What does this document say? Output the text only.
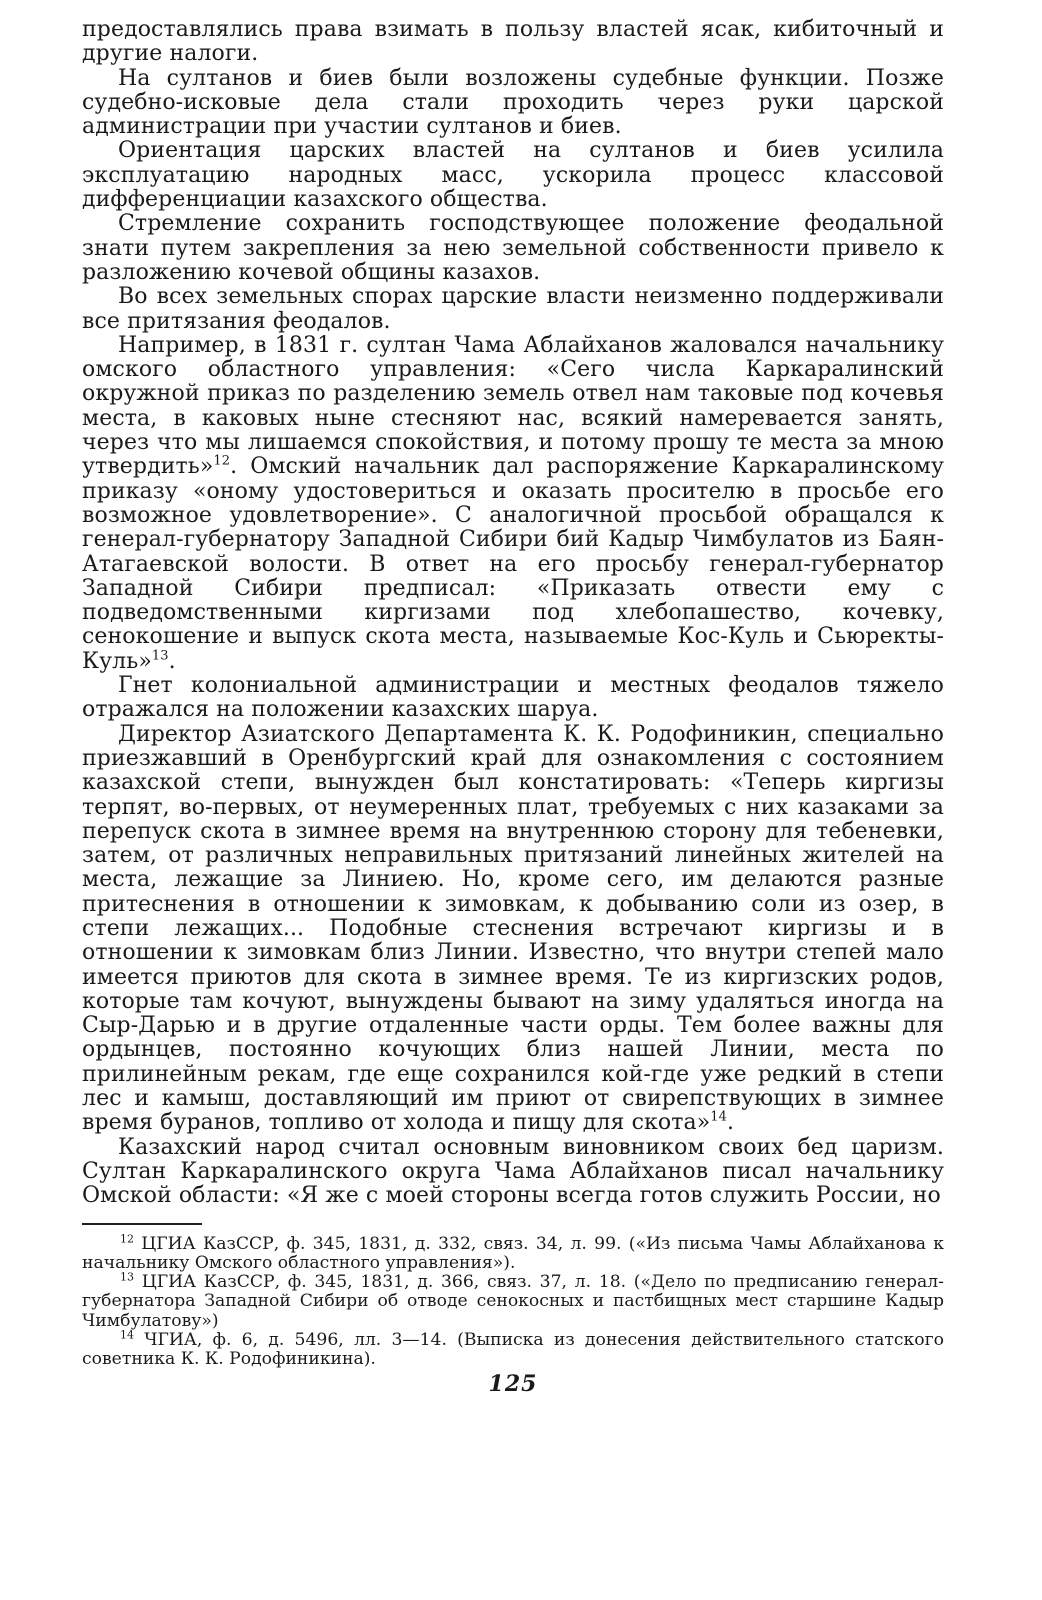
предоставлялись права взимать в пользу властей ясак, кибиточный и другие налоги.

На султанов и биев были возложены судебные функции. Позже судебно-исковые дела стали проходить через руки царской администрации при участии султанов и биев.

Ориентация царских властей на султанов и биев усилила эксплуатацию народных масс, ускорила процесс классовой дифференциации казахского общества.

Стремление сохранить господствующее положение феодальной знати путем закрепления за нею земельной собственности привело к разложению кочевой общины казахов.

Во всех земельных спорах царские власти неизменно поддерживали все притязания феодалов.

Например, в 1831 г. султан Чама Аблайханов жаловался начальнику омского областного управления: «Сего числа Каркаралинский окружной приказ по разделению земель отвел нам таковые под кочевья места, в каковых ныне стесняют нас, всякий намеревается занять, через что мы лишаемся спокойствия, и потому прошу те места за мною утвердить»$^{12}$. Омский начальник дал распоряжение Каркаралинскому приказу «оному удостовериться и оказать просителю в просьбе его возможное удовлетворение». С аналогичной просьбой обращался к генерал-губернатору Западной Сибири бий Кадыр Чимбулатов из Баян-Атагаевской волости. В ответ на его просьбу генерал-губернатор Западной Сибири предписал: «Приказать отвести ему с подведомственными киргизами под хлебопашество, кочевку, сенокошение и выпуск скота места, называемые Кос-Куль и Сьюректы-Куль»$^{13}$.

Гнет колониальной администрации и местных феодалов тяжело отражался на положении казахских шаруа.

Директор Азиатского Департамента К. К. Родофиникин, специально приезжавший в Оренбургский край для ознакомления с состоянием казахской степи, вынужден был констатировать: «Теперь киргизы терпят, во-первых, от неумеренных плат, требуемых с них казаками за перепуск скота в зимнее время на внутреннюю сторону для тебеневки, затем, от различных неправильных притязаний линейных жителей на места, лежащие за Линиею. Но, кроме сего, им делаются разные притеснения в отношении к зимовкам, к добыванию соли из озер, в степи лежащих... Подобные стеснения встречают киргизы и в отношении к зимовкам близ Линии. Известно, что внутри степей мало имеется приютов для скота в зимнее время. Те из киргизских родов, которые там кочуют, вынуждены бывают на зиму удаляться иногда на Сыр-Дарью и в другие отдаленные части орды. Тем более важны для ордынцев, постоянно кочующих близ нашей Линии, места по прилинейным рекам, где еще сохранился кой-где уже редкий в степи лес и камыш, доставляющий им приют от свирепствующих в зимнее время буранов, топливо от холода и пищу для скота»$^{14}$.

Казахский народ считал основным виновником своих бед царизм. Султан Каркаралинского округа Чама Аблайханов писал начальнику Омской области: «Я же с моей стороны всегда готов служить России, но

$^{12}$ ЦГИА КазССР, ф. 345, 1831, д. 332, связ. 34, л. 99. («Из письма Чамы Аблайханова к начальнику Омского областного управления»).

$^{13}$ ЦГИА КазССР, ф. 345, 1831, д. 366, связ. 37, л. 18. («Дело по предписанию генерал-губернатора Западной Сибири об отводе сенокосных и пастбищных мест старшине Кадыр Чимбулатову»)

$^{14}$ ЧГИА, ф. 6, д. 5496, лл. 3—14. (Выписка из донесения действительного статского советника К. К. Родофиникина).

125
